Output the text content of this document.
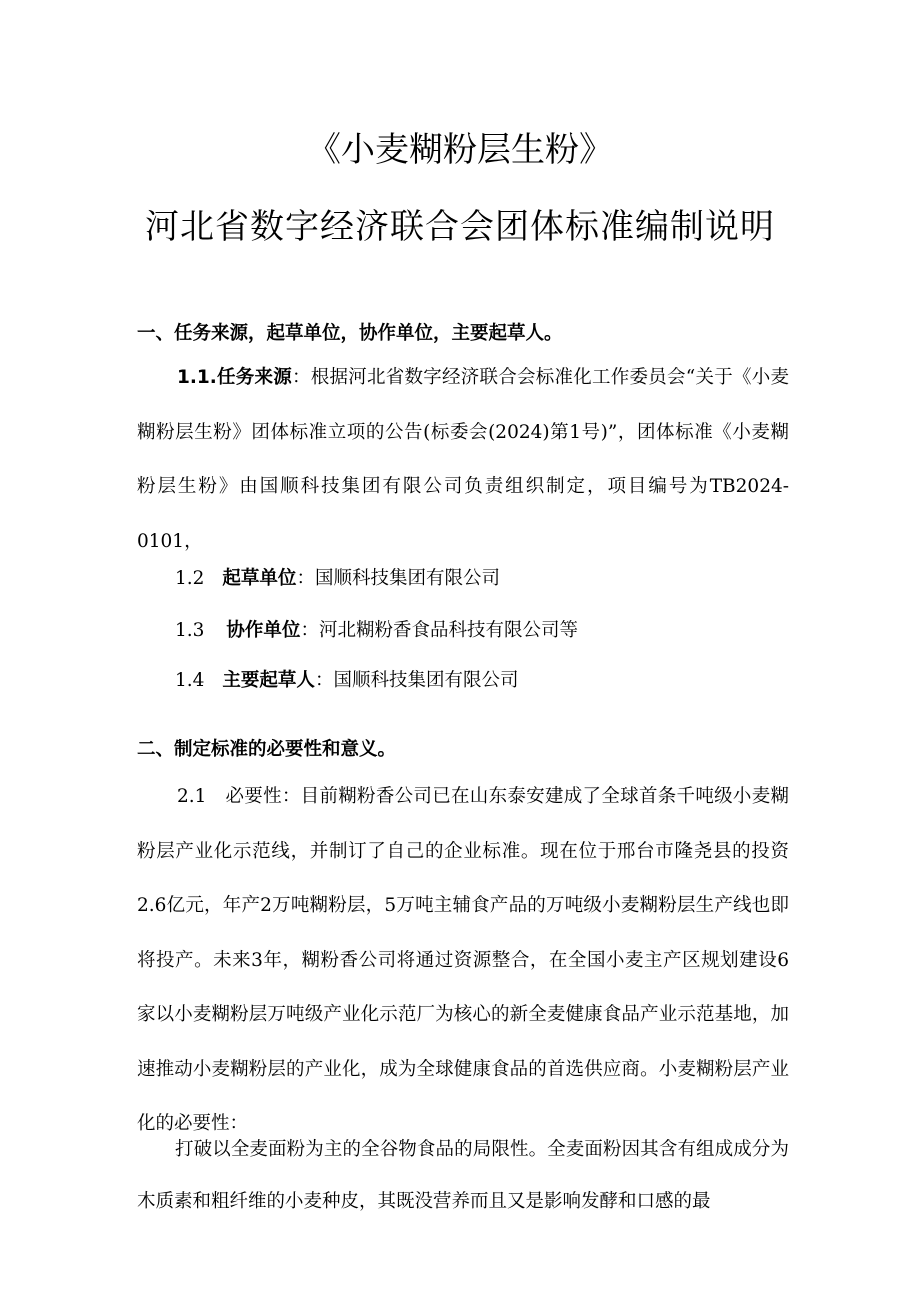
《小麦糊粉层生粉》
河北省数字经济联合会团体标准编制说明
一、任务来源，起草单位，协作单位，主要起草人。
1.1.任务来源：根据河北省数字经济联合会标准化工作委员会“关于《小麦糊粉层生粉》团体标准立项的公告(标委会(2024)第1号)”，团体标准《小麦糊粉层生粉》由国顺科技集团有限公司负责组织制定，项目编号为TB2024-0101，
1.2 起草单位：国顺科技集团有限公司
1.3 协作单位：河北糊粉香食品科技有限公司等
1.4 主要起草人：国顺科技集团有限公司
二、制定标准的必要性和意义。
2.1　必要性：目前糊粉香公司已在山东泰安建成了全球首条千吨级小麦糊粉层产业化示范线，并制订了自己的企业标准。现在位于邢台市隆尧县的投资2.6亿元，年产2万吨糊粉层，5万吨主辅食产品的万吨级小麦糊粉层生产线也即将投产。未来3年，糊粉香公司将通过资源整合，在全国小麦主产区规划建设6家以小麦糊粉层万吨级产业化示范厂为核心的新全麦健康食品产业示范基地，加速推动小麦糊粉层的产业化，成为全球健康食品的首选供应商。小麦糊粉层产业化的必要性：
打破以全麦面粉为主的全谷物食品的局限性。全麦面粉因其含有组成成分为木质素和粗纤维的小麦种皮，其既没营养而且又是影响发酵和口感的最
